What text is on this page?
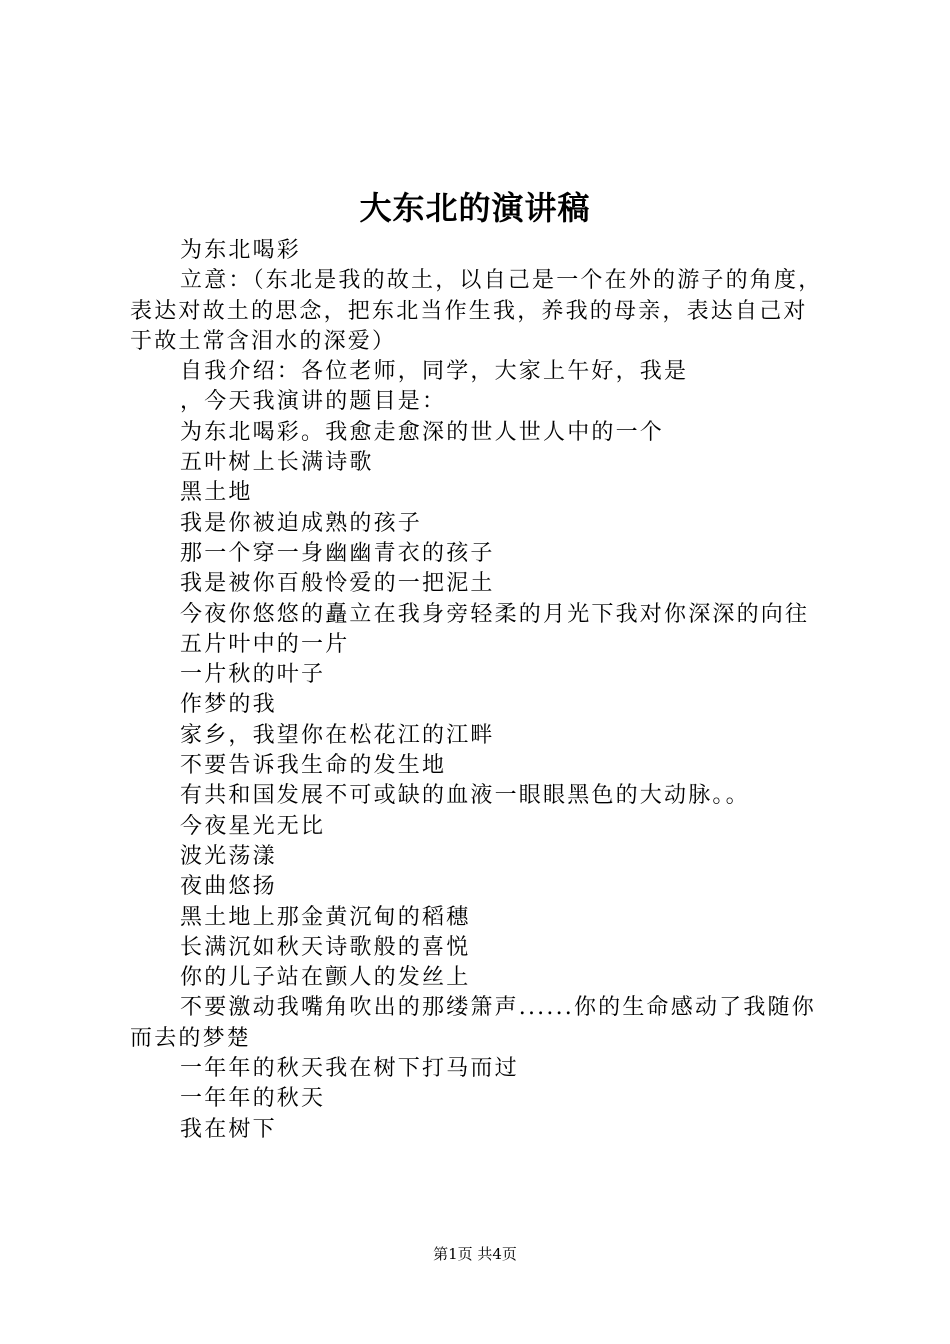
大东北的演讲稿

为东北喝彩

立意：（东北是我的故土，以自己是一个在外的游子的角度，表达对故土的思念，把东北当作生我，养我的母亲，表达自己对于故土常含泪水的深爱）

自我介绍：各位老师，同学，大家上午好，我是

，今天我演讲的题目是：

为东北喝彩。我愈走愈深的世人世人中的一个

五叶树上长满诗歌

黑土地

我是你被迫成熟的孩子

那一个穿一身幽幽青衣的孩子

我是被你百般怜爱的一把泥土

今夜你悠悠的矗立在我身旁轻柔的月光下我对你深深的向往

五片叶中的一片

一片秋的叶子

作梦的我

家乡，我望你在松花江的江畔

不要告诉我生命的发生地

有共和国发展不可或缺的血液一眼眼黑色的大动脉。。

今夜星光无比

波光荡漾

夜曲悠扬

黑土地上那金黄沉甸的稻穗

长满沉如秋天诗歌般的喜悦

你的儿子站在颤人的发丝上

不要激动我嘴角吹出的那缕箫声......你的生命感动了我随你而去的梦楚

一年年的秋天我在树下打马而过

一年年的秋天

我在树下

第1页 共4页
